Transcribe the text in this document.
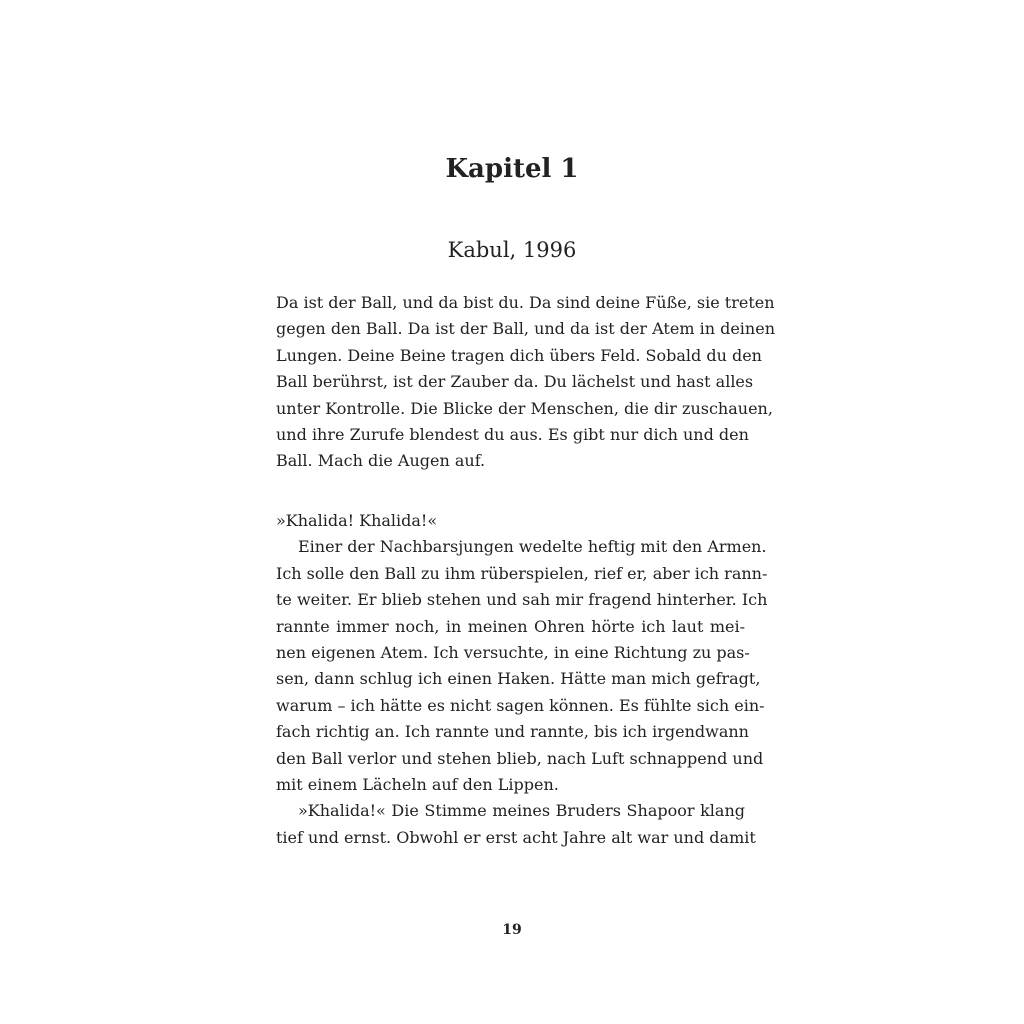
Kapitel 1
Kabul, 1996
Da ist der Ball, und da bist du. Da sind deine Füße, sie treten
gegen den Ball. Da ist der Ball, und da ist der Atem in deinen
Lungen. Deine Beine tragen dich übers Feld. Sobald du den
Ball berührst, ist der Zauber da. Du lächelst und hast alles
unter Kontrolle. Die Blicke der Menschen, die dir zuschauen,
und ihre Zurufe blendest du aus. Es gibt nur dich und den
Ball. Mach die Augen auf.
»Khalida! Khalida!«
Einer der Nachbarsjungen wedelte heftig mit den Armen.
Ich solle den Ball zu ihm rüberspielen, rief er, aber ich rann-
te weiter. Er blieb stehen und sah mir fragend hinterher. Ich
rannte immer noch, in meinen Ohren hörte ich laut mei-
nen eigenen Atem. Ich versuchte, in eine Richtung zu pas-
sen, dann schlug ich einen Haken. Hätte man mich gefragt,
warum – ich hätte es nicht sagen können. Es fühlte sich ein-
fach richtig an. Ich rannte und rannte, bis ich irgendwann
den Ball verlor und stehen blieb, nach Luft schnappend und
mit einem Lächeln auf den Lippen.
»Khalida!« Die Stimme meines Bruders Shapoor klang
tief und ernst. Obwohl er erst acht Jahre alt war und damit
19
